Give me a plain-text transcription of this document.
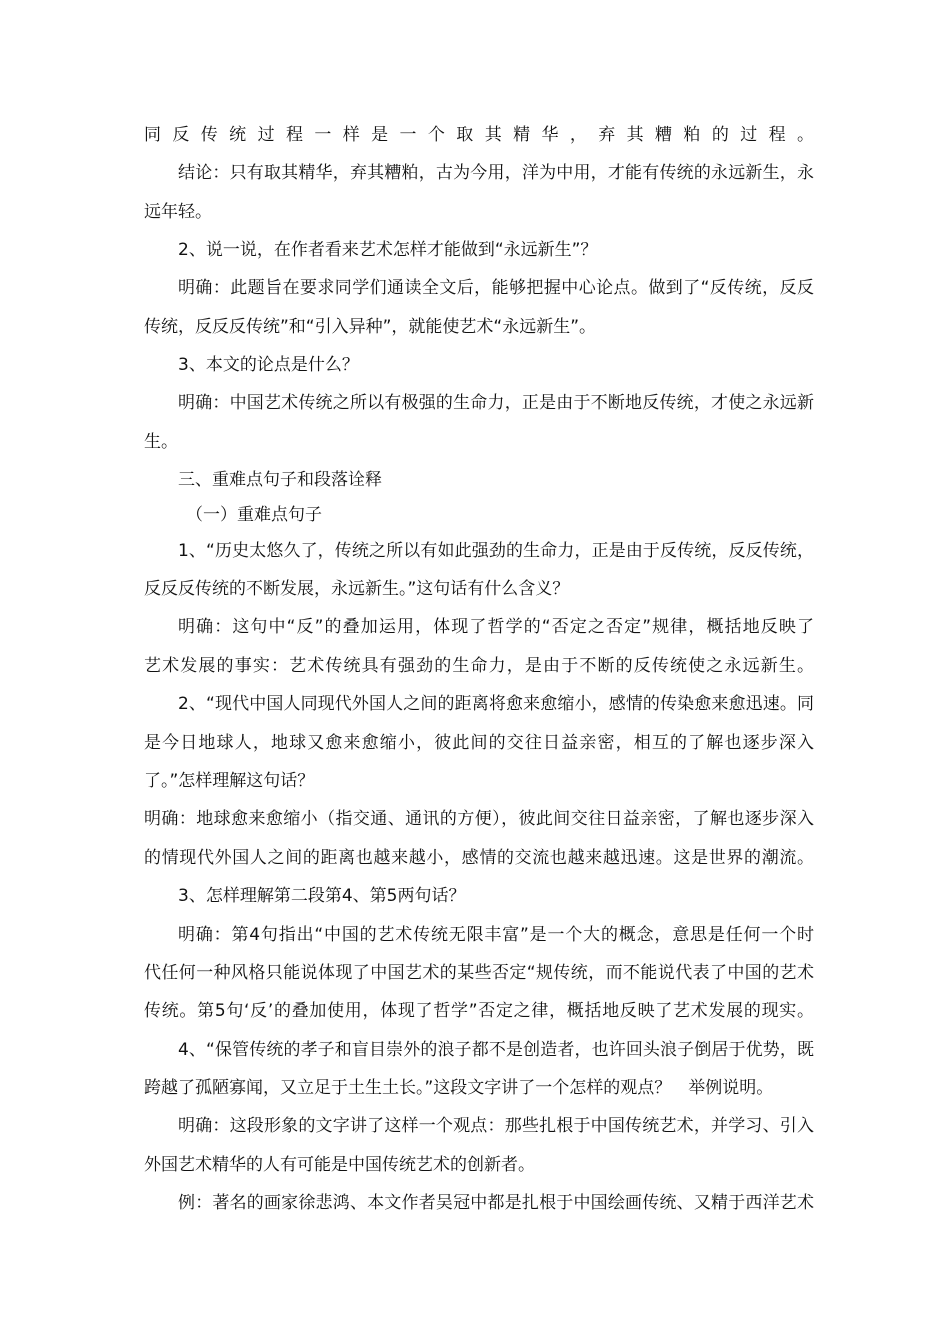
同反传统过程一样是一个取其精华，弃其糟粕的过程。
结论：只有取其精华，弃其糟粕，古为今用，洋为中用，才能有传统的永远新生，永
远年轻。
2、说一说，在作者看来艺术怎样才能做到“永远新生”？
明确：此题旨在要求同学们通读全文后，能够把握中心论点。做到了“反传统，反反
传统，反反反传统”和“引入异种”，就能使艺术“永远新生”。
3、本文的论点是什么？
明确：中国艺术传统之所以有极强的生命力，正是由于不断地反传统，才使之永远新
生。
三、重难点句子和段落诠释
（一）重难点句子
1、“历史太悠久了，传统之所以有如此强劲的生命力，正是由于反传统，反反传统，
反反反传统的不断发展，永远新生。”这句话有什么含义？
明确：这句中“反”的叠加运用，体现了哲学的“否定之否定”规律，概括地反映了
艺术发展的事实：艺术传统具有强劲的生命力，是由于不断的反传统使之永远新生。
2、“现代中国人同现代外国人之间的距离将愈来愈缩小，感情的传染愈来愈迅速。同
是今日地球人，地球又愈来愈缩小，彼此间的交往日益亲密，相互的了解也逐步深入
了。”怎样理解这句话？
明确：地球愈来愈缩小（指交通、通讯的方便），彼此间交往日益亲密，了解也逐步深入
的情现代外国人之间的距离也越来越小，感情的交流也越来越迅速。这是世界的潮流。
3、怎样理解第二段第4、第5两句话？
明确：第4句指出“中国的艺术传统无限丰富”是一个大的概念，意思是任何一个时
代任何一种风格只能说体现了中国艺术的某些否定“规传统，而不能说代表了中国的艺术
传统。第5句‘反’的叠加使用，体现了哲学”否定之律，概括地反映了艺术发展的现实。
4、“保管传统的孝子和盲目崇外的浪子都不是创造者，也许回头浪子倒居于优势，既
跨越了孤陋寡闻，又立足于土生土长。”这段文字讲了一个怎样的观点？　举例说明。
明确：这段形象的文字讲了这样一个观点：那些扎根于中国传统艺术，并学习、引入
外国艺术精华的人有可能是中国传统艺术的创新者。
例：著名的画家徐悲鸿、本文作者吴冠中都是扎根于中国绘画传统、又精于西洋艺术
